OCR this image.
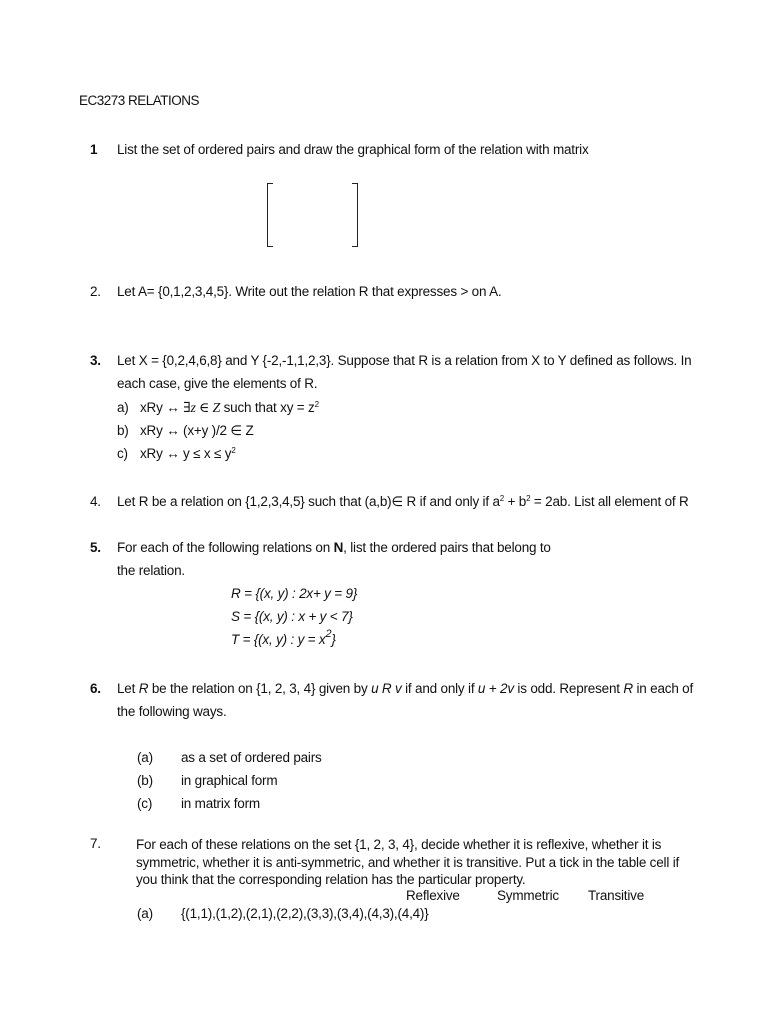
EC3273 RELATIONS
1 List the set of ordered pairs and draw the graphical form of the relation with matrix
2. Let A= {0,1,2,3,4,5}. Write out the relation R that expresses > on A.
3. Let X = {0,2,4,6,8} and Y {-2,-1,1,2,3}. Suppose that R is a relation from X to Y defined as follows. In
each case, give the elements of R.
a) xRy ↔ ∃z ∈ Z such that xy = $z^2$
b) xRy ↔ (x+y )/2 ∈ Z
c) xRy ↔ $y \le x \le y^2$
4. Let R be a relation on {1,2,3,4,5} such that (a,b)∈ R if and only if $a^2 + b^2 = 2ab$. List all element of R
5. For each of the following relations on N, list the ordered pairs that belong to
the relation.
R = {(x, y) : 2x+ y = 9}
S = {(x, y) : x + y < 7}
T = {(x, y) : $y = x^2$}
6. Let R be the relation on {1, 2, 3, 4} given by u R v if and only if u + 2v is odd. Represent R in each of
the following ways.
(a) as a set of ordered pairs
(b) in graphical form
(c) in matrix form
7.	For each of these relations on the set {1, 2, 3, 4}, decide whether it is reflexive, whether it is symmetric, whether it is anti-symmetric, and whether it is transitive. Put a tick in the table cell if you think that the corresponding relation has the particular property.
Reflexive	Symmetric Transitive
(a) {(1,1),(1,2),(2,1),(2,2),(3,3),(3,4),(4,3),(4,4)}
